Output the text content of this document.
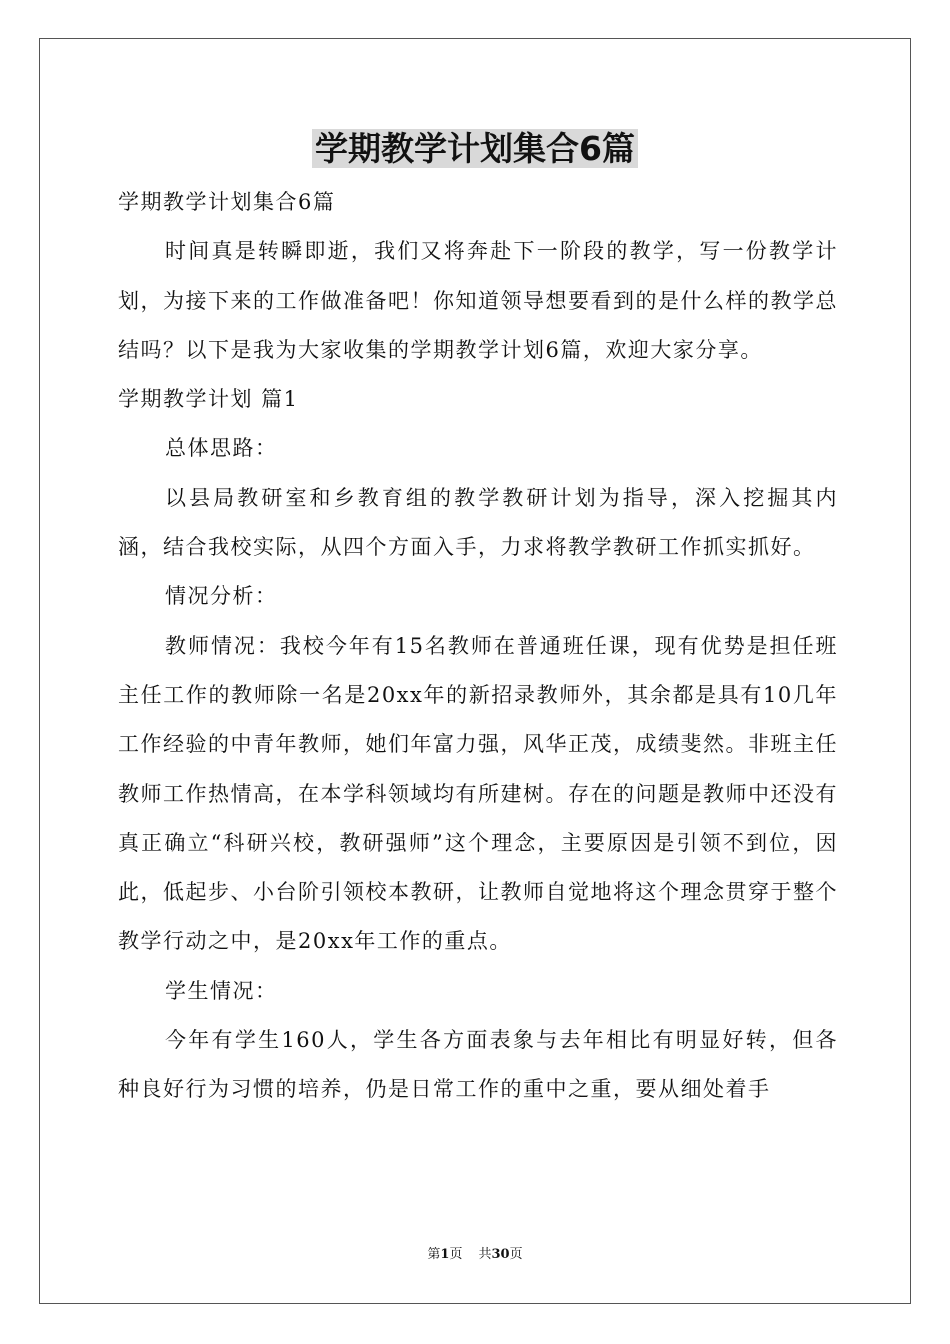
学期教学计划集合6篇

学期教学计划集合6篇

时间真是转瞬即逝，我们又将奔赴下一阶段的教学，写一份教学计划，为接下来的工作做准备吧！你知道领导想要看到的是什么样的教学总结吗？以下是我为大家收集的学期教学计划6篇，欢迎大家分享。

学期教学计划 篇1

总体思路：

以县局教研室和乡教育组的教学教研计划为指导，深入挖掘其内涵，结合我校实际，从四个方面入手，力求将教学教研工作抓实抓好。

情况分析：

教师情况：我校今年有15名教师在普通班任课，现有优势是担任班主任工作的教师除一名是20xx年的新招录教师外，其余都是具有10几年工作经验的中青年教师，她们年富力强，风华正茂，成绩斐然。非班主任教师工作热情高，在本学科领域均有所建树。存在的问题是教师中还没有真正确立“科研兴校，教研强师”这个理念，主要原因是引领不到位，因此，低起步、小台阶引领校本教研，让教师自觉地将这个理念贯穿于整个教学行动之中，是20xx年工作的重点。

学生情况：

今年有学生160人，学生各方面表象与去年相比有明显好转，但各种良好行为习惯的培养，仍是日常工作的重中之重，要从细处着手

第1页 共30页
